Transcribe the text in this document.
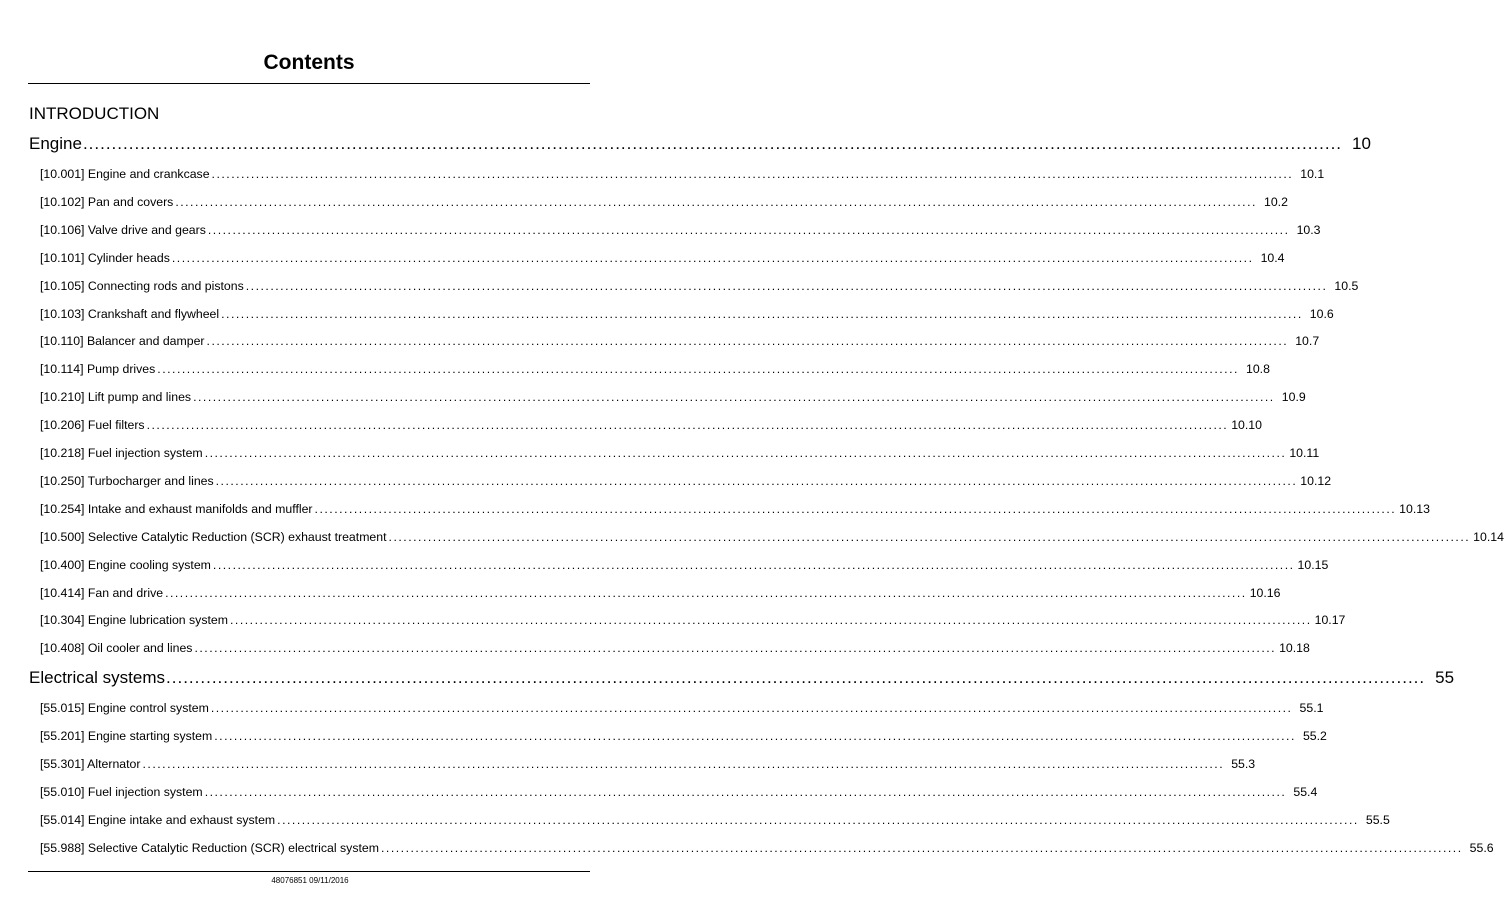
Contents
INTRODUCTION
Engine ............................................................................................................................................................................................................................ 10
[10.001] Engine and crankcase ............................................................................................................................................................................................................................ 10.1
[10.102] Pan and covers ............................................................................................................................................................................................................................ 10.2
[10.106] Valve drive and gears ............................................................................................................................................................................................................................ 10.3
[10.101] Cylinder heads ............................................................................................................................................................................................................................ 10.4
[10.105] Connecting rods and pistons ............................................................................................................................................................................................................................ 10.5
[10.103] Crankshaft and flywheel ............................................................................................................................................................................................................................ 10.6
[10.110] Balancer and damper ............................................................................................................................................................................................................................ 10.7
[10.114] Pump drives ............................................................................................................................................................................................................................ 10.8
[10.210] Lift pump and lines ............................................................................................................................................................................................................................ 10.9
[10.206] Fuel filters ............................................................................................................................................................................................................................ 10.10
[10.218] Fuel injection system ............................................................................................................................................................................................................................ 10.11
[10.250] Turbocharger and lines ............................................................................................................................................................................................................................ 10.12
[10.254] Intake and exhaust manifolds and muffler ............................................................................................................................................................................................................................ 10.13
[10.500] Selective Catalytic Reduction (SCR) exhaust treatment ............................................................................................................................................................................................................................ 10.14
[10.400] Engine cooling system ............................................................................................................................................................................................................................ 10.15
[10.414] Fan and drive ............................................................................................................................................................................................................................ 10.16
[10.304] Engine lubrication system ............................................................................................................................................................................................................................ 10.17
[10.408] Oil cooler and lines ............................................................................................................................................................................................................................ 10.18
Electrical systems ............................................................................................................................................................................................................................ 55
[55.015] Engine control system ............................................................................................................................................................................................................................ 55.1
[55.201] Engine starting system ............................................................................................................................................................................................................................ 55.2
[55.301] Alternator ............................................................................................................................................................................................................................ 55.3
[55.010] Fuel injection system ............................................................................................................................................................................................................................ 55.4
[55.014] Engine intake and exhaust system ............................................................................................................................................................................................................................ 55.5
[55.988] Selective Catalytic Reduction (SCR) electrical system ............................................................................................................................................................................................................................ 55.6
48076851 09/11/2016
